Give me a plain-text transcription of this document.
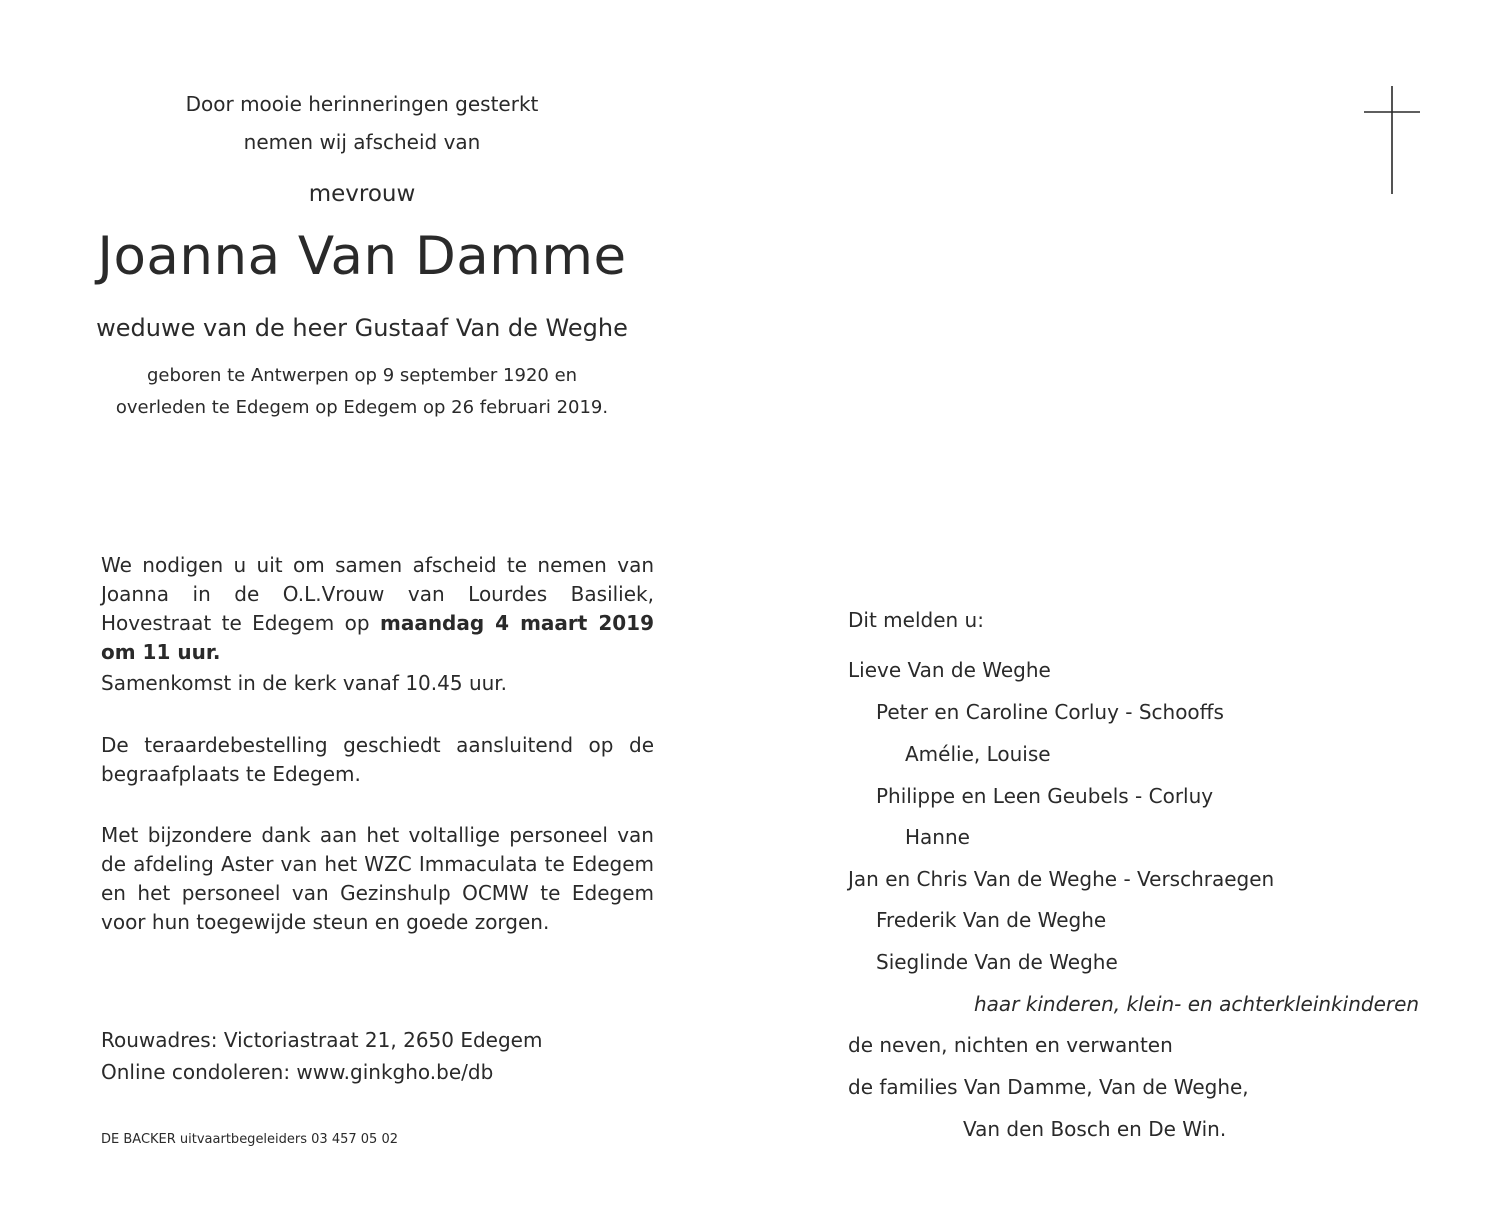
Door mooie herinneringen gesterkt
nemen wij afscheid van
mevrouw
Joanna Van Damme
weduwe van de heer Gustaaf Van de Weghe
geboren te Antwerpen op 9 september 1920 en
overleden te Edegem op Edegem op 26 februari 2019.
We nodigen u uit om samen afscheid te nemen van Joanna in de O.L.Vrouw van Lourdes Basiliek, Hovestraat te Edegem op maandag 4 maart 2019 om 11 uur.
Samenkomst in de kerk vanaf 10.45 uur.
De teraardebestelling geschiedt aansluitend op de begraafplaats te Edegem.
Met bijzondere dank aan het voltallige personeel van de afdeling Aster van het WZC Immaculata te Edegem en het personeel van Gezinshulp OCMW te Edegem voor hun toegewijde steun en goede zorgen.
Rouwadres: Victoriastraat 21, 2650 Edegem
Online condoleren: www.ginkgho.be/db
DE BACKER uitvaartbegeleiders 03 457 05 02
Dit melden u:
Lieve Van de Weghe
Peter en Caroline Corluy - Schooffs
Amélie, Louise
Philippe en Leen Geubels - Corluy
Hanne
Jan en Chris Van de Weghe - Verschraegen
Frederik Van de Weghe
Sieglinde Van de Weghe
haar kinderen, klein- en achterkleinkinderen
de neven, nichten en verwanten
de families Van Damme, Van de Weghe,
Van den Bosch en De Win.
